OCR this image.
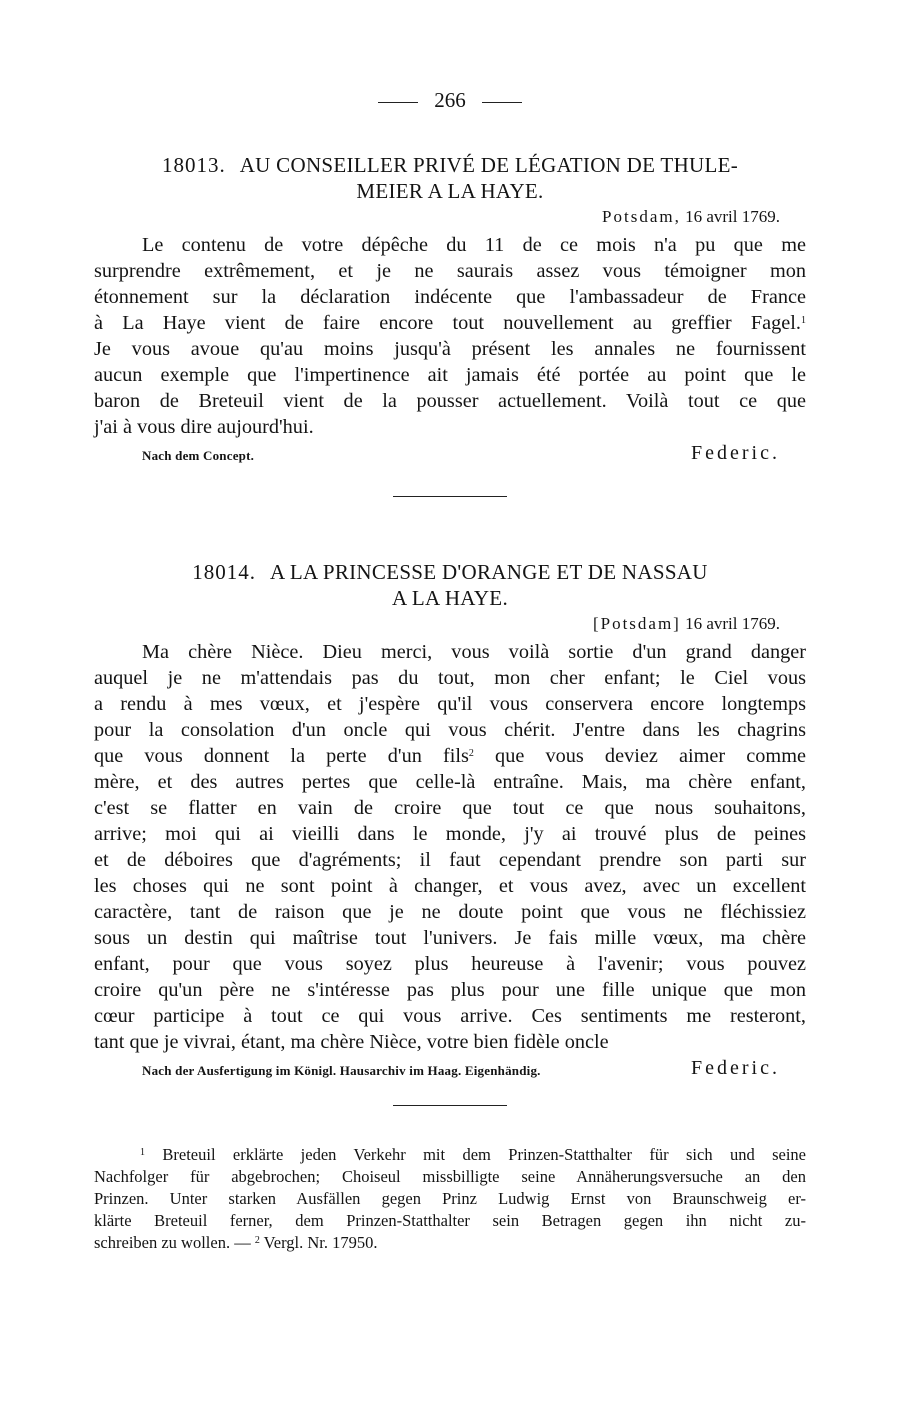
266
18013. AU CONSEILLER PRIVÉ DE LÉGATION DE THULE-
MEIER A LA HAYE.
Potsdam, 16 avril 1769.
Le contenu de votre dépêche du 11 de ce mois n'a pu que me
surprendre extrêmement, et je ne saurais assez vous témoigner mon
étonnement sur la déclaration indécente que l'ambassadeur de France
à La Haye vient de faire encore tout nouvellement au greffier Fagel.$^1$
Je vous avoue qu'au moins jusqu'à présent les annales ne fournissent
aucun exemple que l'impertinence ait jamais été portée au point que le
baron de Breteuil vient de la pousser actuellement. Voilà tout ce que
j'ai à vous dire aujourd'hui.
Nach dem Concept.	Federic.
18014. A LA PRINCESSE D'ORANGE ET DE NASSAU
A LA HAYE.
[Potsdam] 16 avril 1769.
Ma chère Nièce. Dieu merci, vous voilà sortie d'un grand danger
auquel je ne m'attendais pas du tout, mon cher enfant; le Ciel vous
a rendu à mes vœux, et j'espère qu'il vous conservera encore longtemps
pour la consolation d'un oncle qui vous chérit. J'entre dans les chagrins
que vous donnent la perte d'un fils$^2$ que vous deviez aimer comme
mère, et des autres pertes que celle-là entraîne. Mais, ma chère enfant,
c'est se flatter en vain de croire que tout ce que nous souhaitons,
arrive; moi qui ai vieilli dans le monde, j'y ai trouvé plus de peines
et de déboires que d'agréments; il faut cependant prendre son parti sur
les choses qui ne sont point à changer, et vous avez, avec un excellent
caractère, tant de raison que je ne doute point que vous ne fléchissiez
sous un destin qui maîtrise tout l'univers. Je fais mille vœux, ma chère
enfant, pour que vous soyez plus heureuse à l'avenir; vous pouvez
croire qu'un père ne s'intéresse pas plus pour une fille unique que mon
cœur participe à tout ce qui vous arrive. Ces sentiments me resteront,
tant que je vivrai, étant, ma chère Nièce, votre bien fidèle oncle
Nach der Ausfertigung im Königl. Hausarchiv im Haag. Eigenhändig.	Federic.
$^1$ Breteuil erklärte jeden Verkehr mit dem Prinzen-Statthalter für sich und seine
Nachfolger für abgebrochen; Choiseul missbilligte seine Annäherungsversuche an den
Prinzen. Unter starken Ausfällen gegen Prinz Ludwig Ernst von Braunschweig er-
klärte Breteuil ferner, dem Prinzen-Statthalter sein Betragen gegen ihn nicht zu-
schreiben zu wollen. — $^2$ Vergl. Nr. 17950.
